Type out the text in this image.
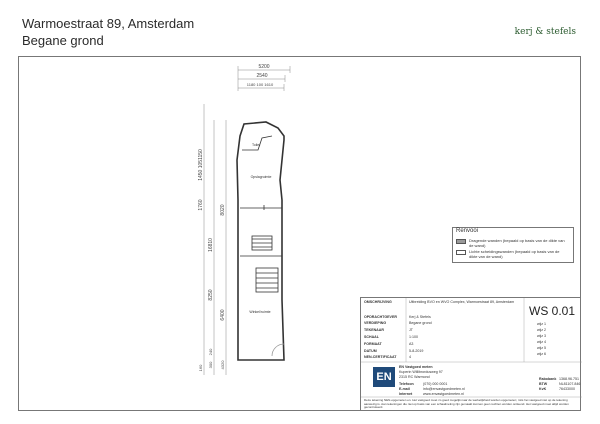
Warmoestraat 89, Amsterdam
Begane grond
kerj & stefels
5200
2540
1180 100 1610
1450 1051150
1760	8020
16810
8250
6400
4320
240
300
160
Toilet
Opslagruimte
Winkel/ruimte
Renvooi
Dragende wanden (bepaald op basis van de dikte van de wand)
Lichte scheidingswanden (bepaald op basis van de dikte van de wand)
OMSCHRIJVING	Uitbreiding BVO en WVO Complex, Warmoestraat 89, Amsterdam
OPDRACHTGEVER	Kerj & Stefels
VERDIEPING	Begane grond
TEKENAAR	JT
SCHAAL	1:100
FORMAAT	A3
DATUM	5-8-2019
NEN-CERTIFICAAT	4
WS 0.01
wijz 1
wijz 2
wijz 3
wijz 4
wijz 5
wijz 6
EN
EN Vastgoed meten
Kuperin Willibrordusweg 97
2315 RC Warmond
Telefoon	(070) 000 0001
E-mail	info@envastgoedmeten.nl
Internet	www.envastgoedmeten.nl
Rabobank 1368.96.751
BTW	NL81107.846
KvK	76433000
Deze tekening NEN-opgemeten en. Het vastgoed moet zo goed mogelijk naar de werkelijkheid worden opgemeten; mits het vastgoed niet op de tekening aanwezig is. Aan tekeningen die niet op basis van een schaalmeting zijn gemaakt kunnen geen rechten worden ontleend. Het vastgoed moet altijd worden gecontroleerd.
